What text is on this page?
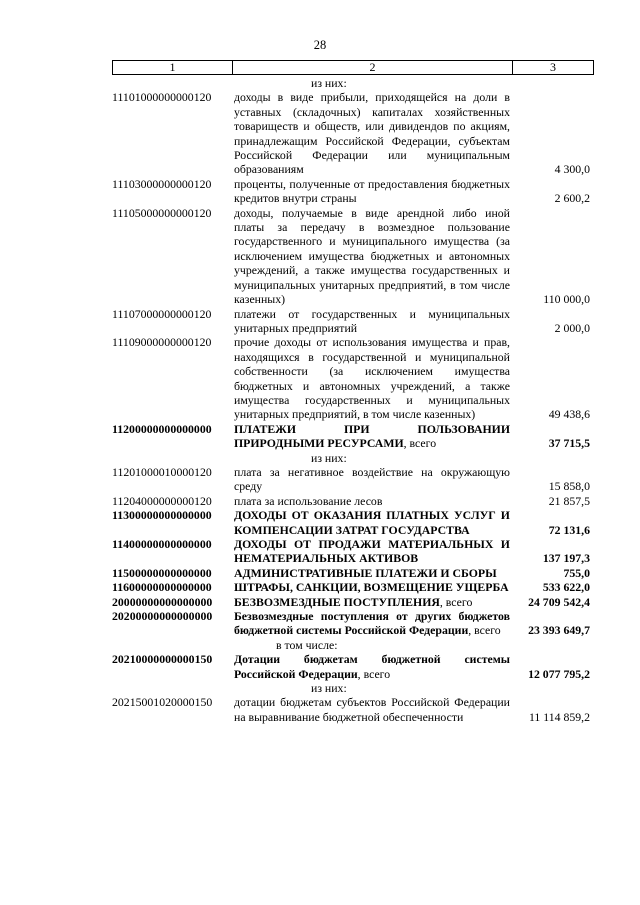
28
1	2	3
из них:
11101000000000120	доходы в виде прибыли, приходящейся на доли в уставных (складочных) капиталах хозяйственных товариществ и обществ, или дивидендов по акциям, принадлежащим Российской Федерации, субъектам Российской Федерации или муниципальным образованиям	4 300,0
11103000000000120	проценты, полученные от предоставления бюджетных кредитов внутри страны	2 600,2
11105000000000120	доходы, получаемые в виде арендной либо иной платы за передачу в возмездное пользование государственного и муниципального имущества (за исключением имущества бюджетных и автономных учреждений, а также имущества государственных и муниципальных унитарных предприятий, в том числе казенных)	110 000,0
11107000000000120	платежи от государственных и муниципальных унитарных предприятий	2 000,0
11109000000000120	прочие доходы от использования имущества и прав, находящихся в государственной и муниципальной собственности (за исключением имущества бюджетных и автономных учреждений, а также имущества государственных и муниципальных унитарных предприятий, в том числе казенных)	49 438,6
11200000000000000	ПЛАТЕЖИ ПРИ ПОЛЬЗОВАНИИ ПРИРОДНЫМИ РЕСУРСАМИ, всего	37 715,5
из них:
11201000010000120	плата за негативное воздействие на окружающую среду	15 858,0
11204000000000120	плата за использование лесов	21 857,5
11300000000000000	ДОХОДЫ ОТ ОКАЗАНИЯ ПЛАТНЫХ УСЛУГ И КОМПЕНСАЦИИ ЗАТРАТ ГОСУДАРСТВА	72 131,6
11400000000000000	ДОХОДЫ ОТ ПРОДАЖИ МАТЕРИАЛЬНЫХ И НЕМАТЕРИАЛЬНЫХ АКТИВОВ	137 197,3
11500000000000000	АДМИНИСТРАТИВНЫЕ ПЛАТЕЖИ И СБОРЫ	755,0
11600000000000000	ШТРАФЫ, САНКЦИИ, ВОЗМЕЩЕНИЕ УЩЕРБА	533 622,0
20000000000000000	БЕЗВОЗМЕЗДНЫЕ ПОСТУПЛЕНИЯ, всего	24 709 542,4
20200000000000000	Безвозмездные поступления от других бюджетов бюджетной системы Российской Федерации, всего	23 393 649,7
в том числе:
20210000000000150	Дотации бюджетам бюджетной системы Российской Федерации, всего	12 077 795,2
из них:
20215001020000150	дотации бюджетам субъектов Российской Федерации на выравнивание бюджетной обеспеченности	11 114 859,2
